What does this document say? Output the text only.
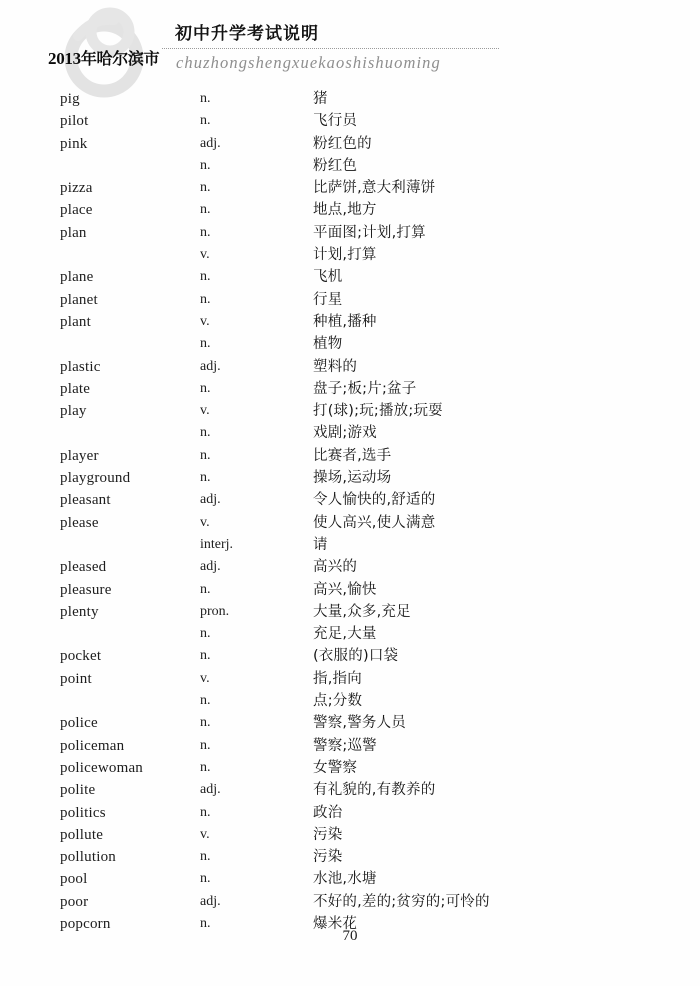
2013年哈尔滨市
初中升学考试说明
chuzhongshengxuekaoshishuoming
pig	n.	猪
pilot	n.	飞行员
pink	adj.	粉红色的
n.	粉红色
pizza	n.	比萨饼,意大利薄饼
place	n.	地点,地方
plan	n.	平面图;计划,打算
v.	计划,打算
plane	n.	飞机
planet	n.	行星
plant	v.	种植,播种
n.	植物
plastic	adj.	塑料的
plate	n.	盘子;板;片;盆子
play	v.	打(球);玩;播放;玩耍
n.	戏剧;游戏
player	n.	比赛者,选手
playground	n.	操场,运动场
pleasant	adj.	令人愉快的,舒适的
please	v.	使人高兴,使人满意
interj.	请
pleased	adj.	高兴的
pleasure	n.	高兴,愉快
plenty	pron.	大量,众多,充足
n.	充足,大量
pocket	n.	(衣服的)口袋
point	v.	指,指向
n.	点;分数
police	n.	警察,警务人员
policeman	n.	警察;巡警
policewoman	n.	女警察
polite	adj.	有礼貌的,有教养的
politics	n.	政治
pollute	v.	污染
pollution	n.	污染
pool	n.	水池,水塘
poor	adj.	不好的,差的;贫穷的;可怜的
popcorn	n.	爆米花
70
